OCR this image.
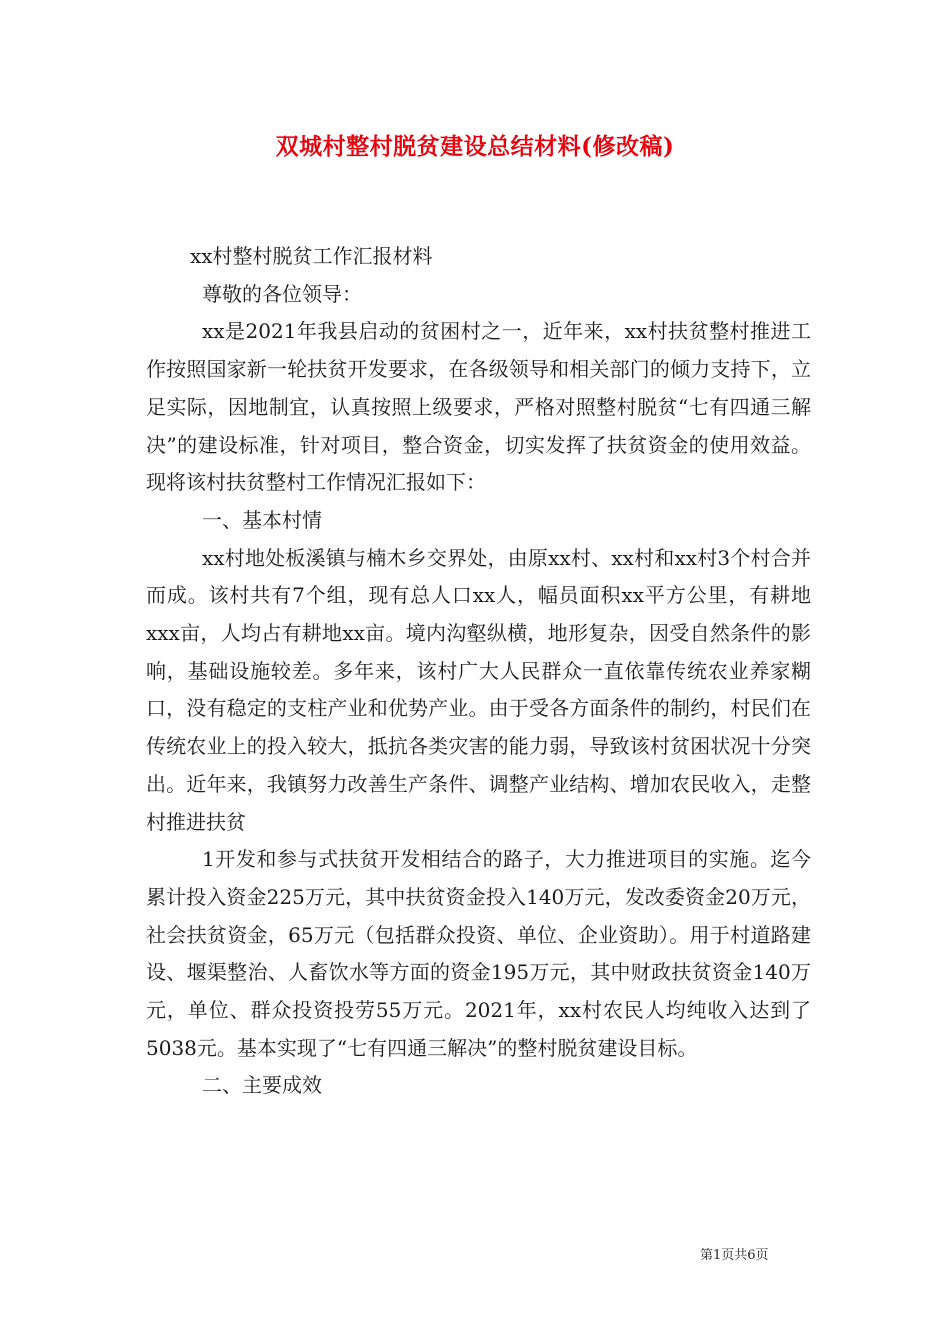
双城村整村脱贫建设总结材料(修改稿)

xx村整村脱贫工作汇报材料

尊敬的各位领导：

xx是2021年我县启动的贫困村之一，近年来，xx村扶贫整村推进工作按照国家新一轮扶贫开发要求，在各级领导和相关部门的倾力支持下，立足实际，因地制宜，认真按照上级要求，严格对照整村脱贫“七有四通三解决”的建设标准，针对项目，整合资金，切实发挥了扶贫资金的使用效益。现将该村扶贫整村工作情况汇报如下：

一、基本村情

xx村地处板溪镇与楠木乡交界处，由原xx村、xx村和xx村3个村合并而成。该村共有7个组，现有总人口xx人，幅员面积xx平方公里，有耕地xxx亩，人均占有耕地xx亩。境内沟壑纵横，地形复杂，因受自然条件的影响，基础设施较差。多年来，该村广大人民群众一直依靠传统农业养家糊口，没有稳定的支柱产业和优势产业。由于受各方面条件的制约，村民们在传统农业上的投入较大，抵抗各类灾害的能力弱，导致该村贫困状况十分突出。近年来，我镇努力改善生产条件、调整产业结构、增加农民收入，走整村推进扶贫

1开发和参与式扶贫开发相结合的路子，大力推进项目的实施。迄今累计投入资金225万元，其中扶贫资金投入140万元，发改委资金20万元，社会扶贫资金，65万元（包括群众投资、单位、企业资助）。用于村道路建设、堰渠整治、人畜饮水等方面的资金195万元，其中财政扶贫资金140万元，单位、群众投资投劳55万元。2021年，xx村农民人均纯收入达到了5038元。基本实现了“七有四通三解决”的整村脱贫建设目标。

二、主要成效

第1页共6页
